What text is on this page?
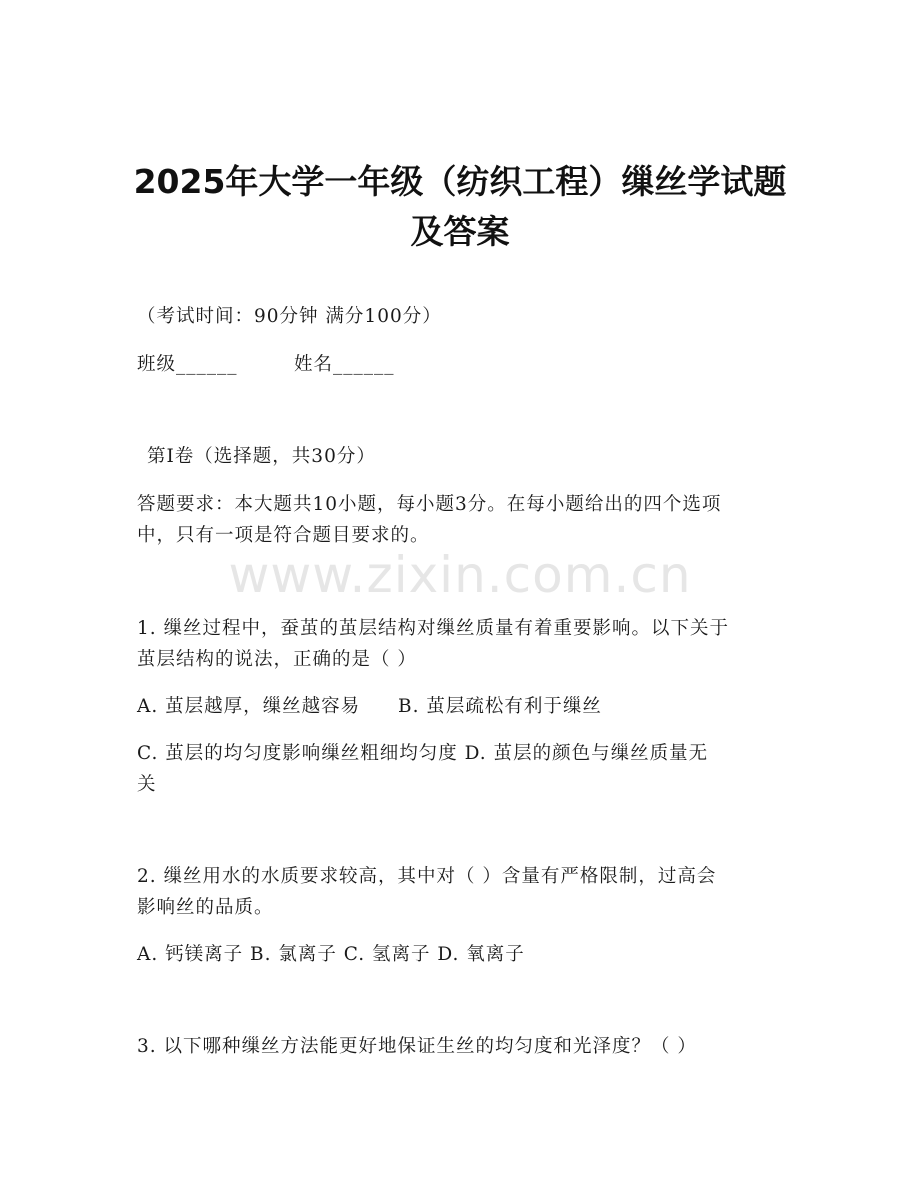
www.zixin.com.cn
2025年大学一年级（纺织工程）缫丝学试题
及答案
（考试时间：90分钟 满分100分）
班级______	姓名______
第Ⅰ卷（选择题，共30分）
答题要求：本大题共10小题，每小题3分。在每小题给出的四个选项
中，只有一项是符合题目要求的。
1. 缫丝过程中，蚕茧的茧层结构对缫丝质量有着重要影响。以下关于
茧层结构的说法，正确的是（ ）
A. 茧层越厚，缫丝越容易 B. 茧层疏松有利于缫丝
C. 茧层的均匀度影响缫丝粗细均匀度 D. 茧层的颜色与缫丝质量无
关
2. 缫丝用水的水质要求较高，其中对（ ）含量有严格限制，过高会
影响丝的品质。
A. 钙镁离子 B. 氯离子 C. 氢离子 D. 氧离子
3. 以下哪种缫丝方法能更好地保证生丝的均匀度和光泽度？（ ）
